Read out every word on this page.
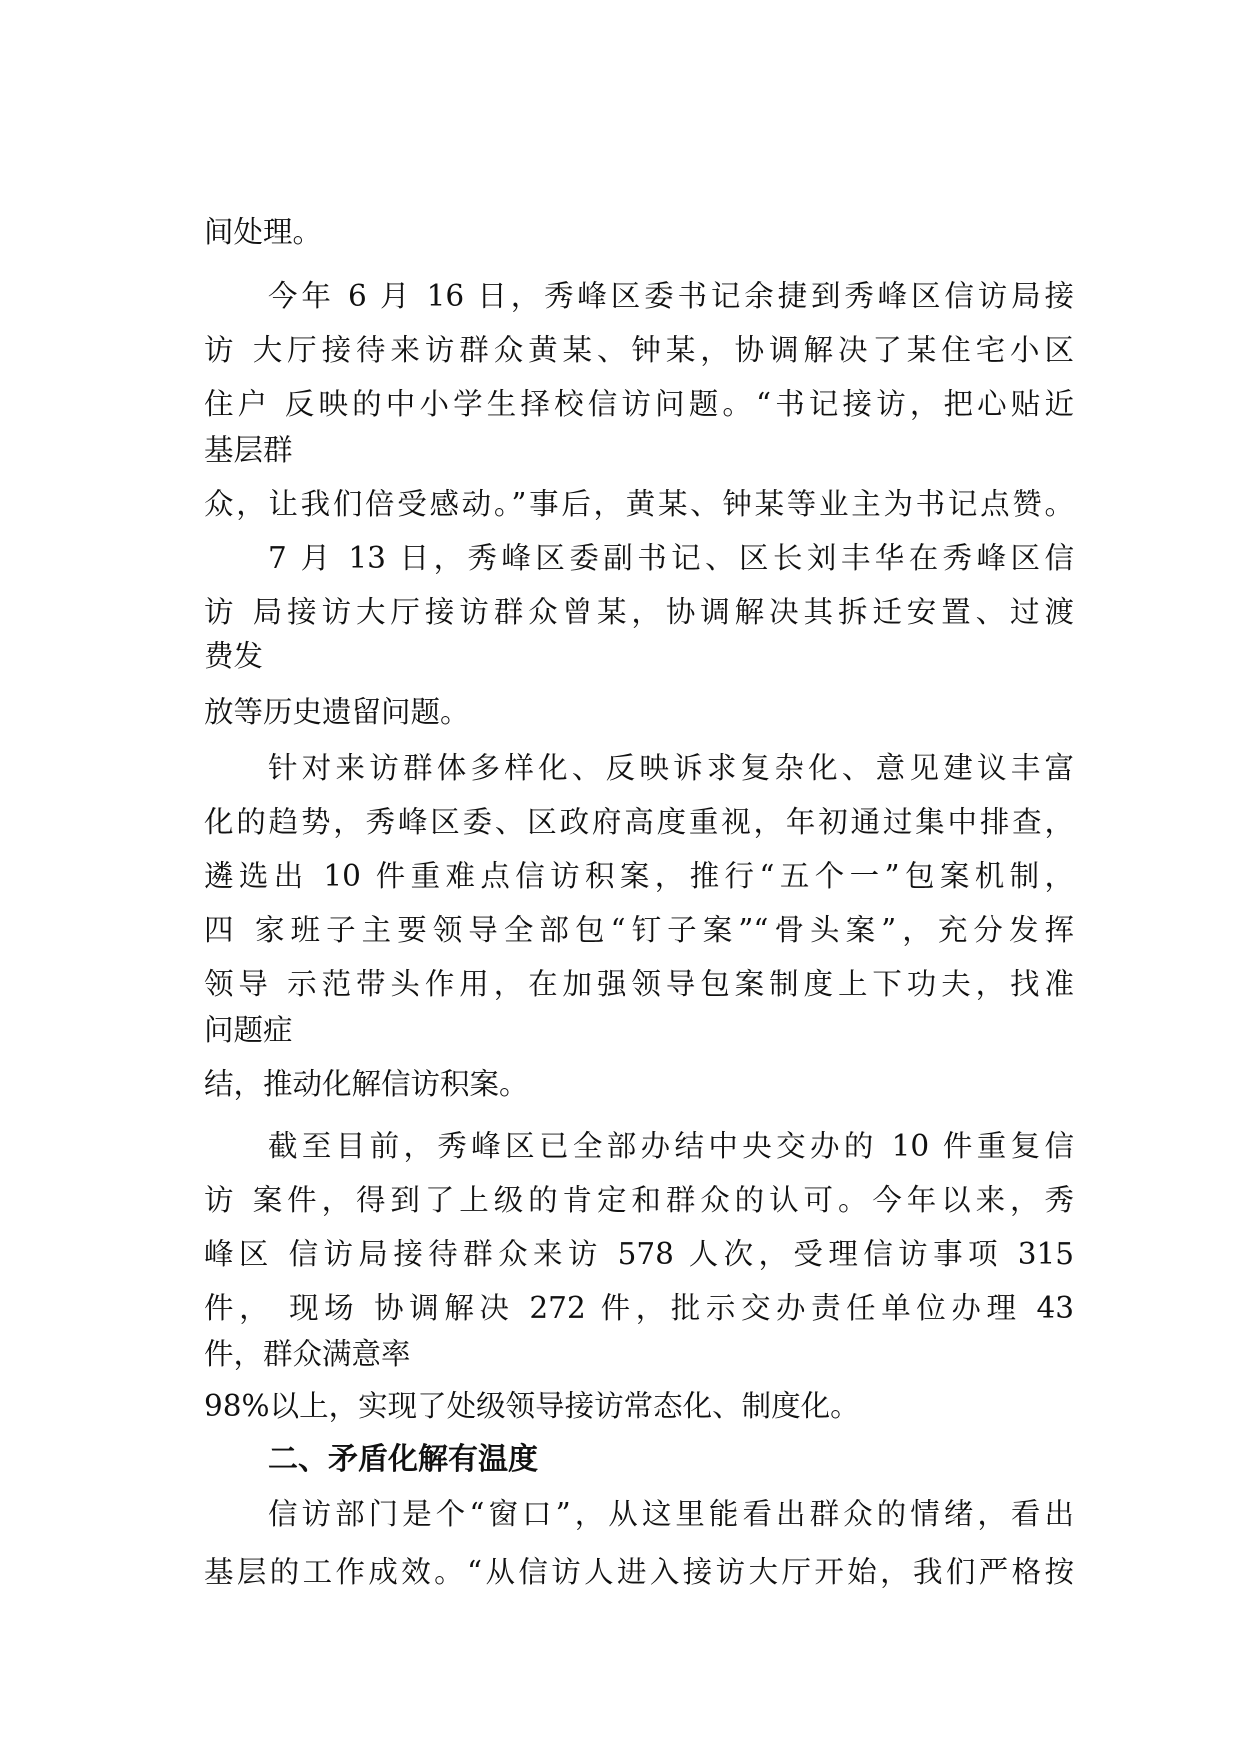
间处理。
今年 6 月 16 日，秀峰区委书记余捷到秀峰区信访局接
访 大厅接待来访群众黄某、钟某，协调解决了某住宅小区
住户 反映的中小学生择校信访问题。“书记接访，把心贴近
基层群
众，让我们倍受感动。”事后，黄某、钟某等业主为书记点赞。
7 月 13 日，秀峰区委副书记、区长刘丰华在秀峰区信
访 局接访大厅接访群众曾某，协调解决其拆迁安置、过渡
费发
放等历史遗留问题。
针对来访群体多样化、反映诉求复杂化、意见建议丰富
化的趋势，秀峰区委、区政府高度重视，年初通过集中排查，
遴选出 10 件重难点信访积案，推行“五个一”包案机制，
四 家班子主要领导全部包“钉子案”“骨头案”，充分发挥
领导 示范带头作用，在加强领导包案制度上下功夫，找准
问题症
结，推动化解信访积案。
截至目前，秀峰区已全部办结中央交办的 10 件重复信
访 案件，得到了上级的肯定和群众的认可。今年以来，秀
峰区 信访局接待群众来访 578 人次，受理信访事项 315
件， 现场 协调解决 272 件，批示交办责任单位办理 43
件，群众满意率
98%以上，实现了处级领导接访常态化、制度化。
二、矛盾化解有温度
信访部门是个“窗口”，从这里能看出群众的情绪，看出
基层的工作成效。“从信访人进入接访大厅开始，我们严格按
